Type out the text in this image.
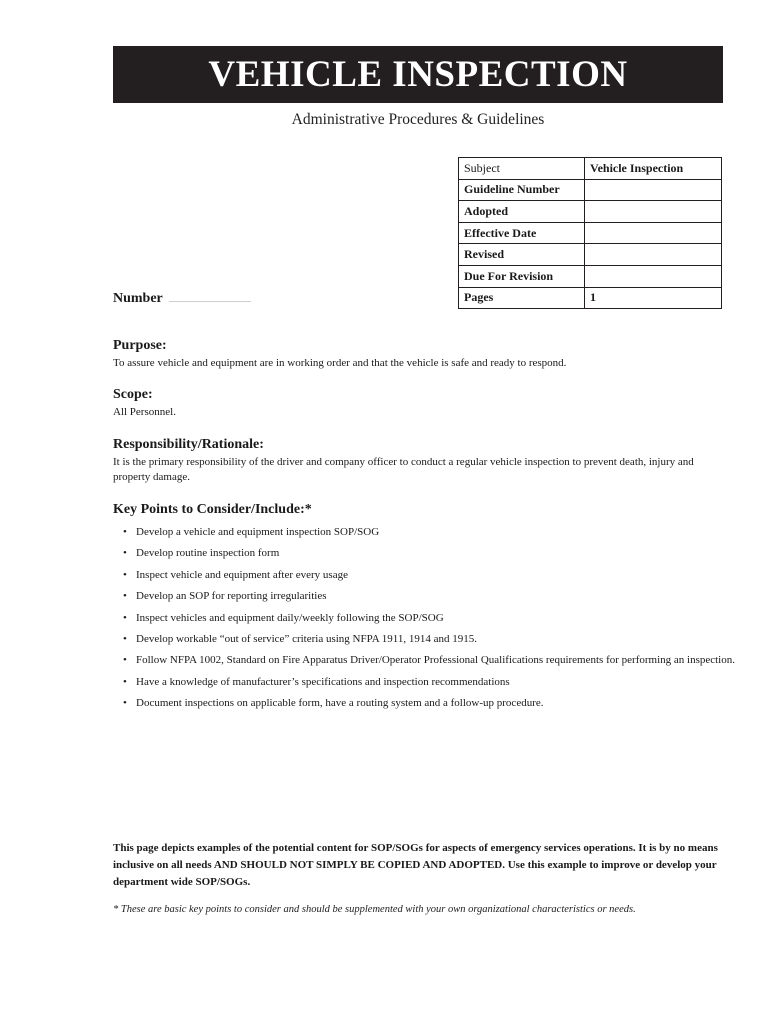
VEHICLE INSPECTION
Administrative Procedures & Guidelines
Subject	Vehicle Inspection
Guideline Number	
Adopted	
Effective Date	
Revised	
Due For Revision	
Pages	1
Number
Purpose:

To assure vehicle and equipment are in working order and that the vehicle is safe and ready to respond.

Scope:

All Personnel.

Responsibility/Rationale:

It is the primary responsibility of the driver and company officer to conduct a regular vehicle inspection to prevent death, injury and property damage.

Key Points to Consider/Include:*
• Develop a vehicle and equipment inspection SOP/SOG
• Develop routine inspection form
• Inspect vehicle and equipment after every usage
• Develop an SOP for reporting irregularities
• Inspect vehicles and equipment daily/weekly following the SOP/SOG
• Develop workable “out of service” criteria using NFPA 1911, 1914 and 1915.
• Follow NFPA 1002, Standard on Fire Apparatus Driver/Operator Professional Qualifications requirements for performing an inspection.
• Have a knowledge of manufacturer’s specifications and inspection recommendations
• Document inspections on applicable form, have a routing system and a follow-up procedure.
This page depicts examples of the potential content for SOP/SOGs for aspects of emergency services operations. It is by no means inclusive on all needs AND SHOULD NOT SIMPLY BE COPIED AND ADOPTED. Use this example to improve or develop your department wide SOP/SOGs.
* These are basic key points to consider and should be supplemented with your own organizational characteristics or needs.
